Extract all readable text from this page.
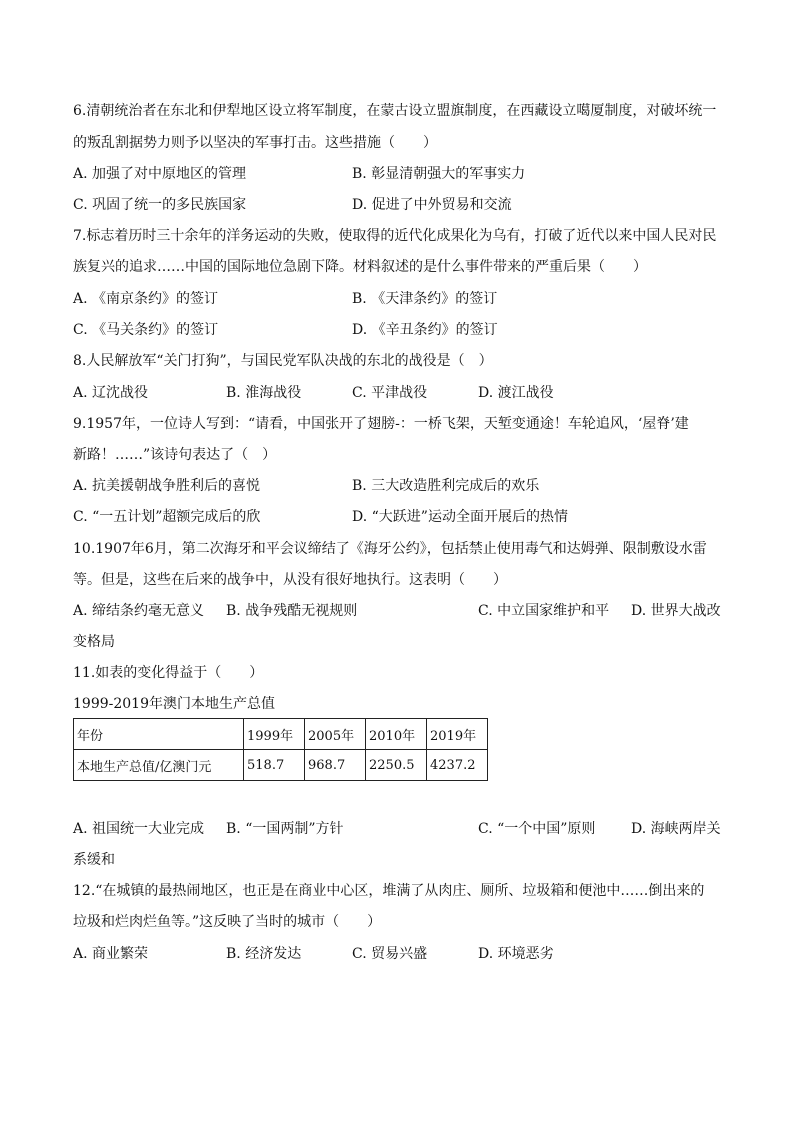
6.清朝统治者在东北和伊犁地区设立将军制度，在蒙古设立盟旗制度，在西藏设立噶厦制度，对破坏统一
的叛乱割据势力则予以坚决的军事打击。这些措施（　　）
A. 加强了对中原地区的管理	B. 彰显清朝强大的军事实力
C. 巩固了统一的多民族国家	D. 促进了中外贸易和交流
7.标志着历时三十余年的洋务运动的失败，使取得的近代化成果化为乌有，打破了近代以来中国人民对民
族复兴的追求……中国的国际地位急剧下降。材料叙述的是什么事件带来的严重后果（　　）
A. 《南京条约》的签订	B. 《天津条约》的签订
C. 《马关条约》的签订	D. 《辛丑条约》的签订
8.人民解放军“关门打狗”，与国民党军队决战的东北的战役是（　）
A. 辽沈战役	B. 淮海战役	C. 平津战役	D. 渡江战役
9.1957年，一位诗人写到：“请看，中国张开了翅膀-：一桥飞架，天堑变通途！车轮追风，‘屋脊’建
新路！……”该诗句表达了（　）
A. 抗美援朝战争胜利后的喜悦	B. 三大改造胜利完成后的欢乐
C. “一五计划”超额完成后的欣	D. “大跃进”运动全面开展后的热情
10.1907年6月，第二次海牙和平会议缔结了《海牙公约》，包括禁止使用毒气和达姆弹、限制敷设水雷
等。但是，这些在后来的战争中，从没有很好地执行。这表明（　　）
A. 缔结条约毫无意义 B. 战争残酷无视规则	C. 中立国家维护和平 D. 世界大战改
变格局
11.如表的变化得益于（　　）
1999-2019年澳门本地生产总值
年份	1999年	2005年	2010年	2019年
本地生产总值/亿澳门元	518.7	968.7	2250.5	4237.2
A. 祖国统一大业完成 B. “一国两制”方针	C. “一个中国”原则	D. 海峡两岸关
系缓和
12.“在城镇的最热闹地区，也正是在商业中心区，堆满了从肉庄、厕所、垃圾箱和便池中……倒出来的
垃圾和烂肉烂鱼等。”这反映了当时的城市（　　）
A. 商业繁荣	B. 经济发达	C. 贸易兴盛	D. 环境恶劣
